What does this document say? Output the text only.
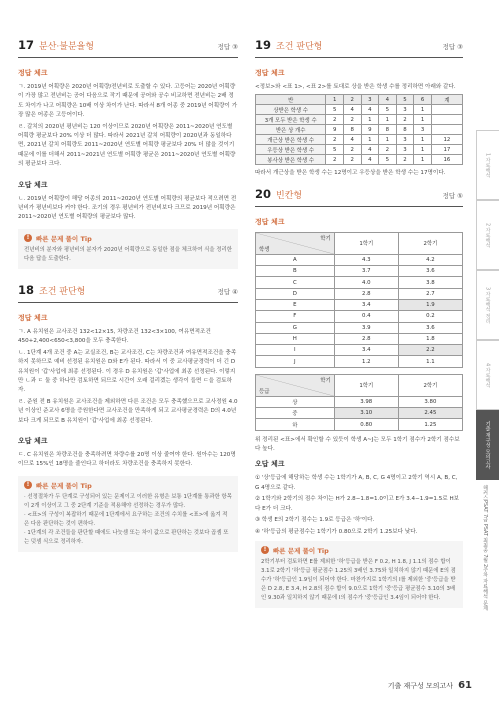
17 분산·불분율형	정답 ③
정답 체크

ㄱ. 2019년 어획량은 2020년 어획량/전년비로 도출할 수 있다. 고등어는 2020년 어획량이 가장 많고 전년비는 공어 다음으로 작기 때문에 공어와 공수 비교하면 전년비는 2배 정도 차이가 나고 어획량은 10배 이상 차이가 난다. 따라서 8개 어종 중 2019년 어획량이 가장 많은 어종은 고등어이다.

ㄹ. 갈치의 2020년 평년비는 120 이상이므로 2020년 어획량은 2011~2020년 연도별 어획량 평균보다 20% 이상 더 많다. 따라서 2021년 갈치 어획량이 2020년과 동일하다면, 2021년 갈치 어획량도 2011~2020년 연도별 어획량 평균보다 20% 더 많을 것이기 때문에 이를 더해서 2011~2021년 연도별 어획량 평균은 2011~2020년 연도별 어획량의 평균보다 크다.

오답 체크

ㄴ. 2019년 어획량이 해당 어종의 2011~2020년 연도별 어획량의 평균보다 적으려면 전년비가 평년비보다 커야 한다. 조기의 경우 평년비가 전년비보다 크므로 2019년 어획량은 2011~2020년 연도별 어획량의 평균보다 많다.

!	빠른 문제 풀이 Tip

전년비의 분자와 평년비의 분자가 2020년 어획량으로 동일한 점을 체크하여 식을 정리한 다음 답을 도출한다.

18 조건 판단형	정답 ④
정답 체크

ㄱ. A 유치원은 교사조건 132<12×15, 차량조건 132<3×100, 여유면적조건 450+2,400<650<3,800을 모두 충족한다.

ㄴ. 1단계 4개 조건 중 A는 교실조건, B는 교사조건, C는 차량조건과 여유면적조건을 충족하지 못하므로 예비 선정된 유치원은 D와 E가 된다. 따라서 이 중 교사평균경력이 더 긴 D 유치원이 '갑'사업에 최종 선정된다. 이 경우 D 유치원은 '갑'사업에 최종 선정된다. 이렇지만 ㄴ과 ㄷ 둘 중 하나만 검토하면 되므로 시간이 오래 걸리겠는 생각이 들면 ㄷ을 검토하자.

ㄹ. 준원 전 B 유치원은 교사조건을 제외하면 다른 조건은 모두 충족했으므로 교사정원 4.0년 이상인 준교사 6명을 증원한다면 교사조건을 만족하게 되고 교사평균경력은 D의 4.0년보다 크게 되므로 B 유치원이 '갑'사업에 최종 선정된다.

오답 체크

ㄷ. C 유치원은 차량조건을 충족하려면 차량수를 20명 이상 줄여야 한다. 원아수는 120명이므로 15%인 18명을 줄인다고 하더라도 차량조건을 충족하지 못한다.

!	빠른 문제 풀이 Tip

· 선정절차가 두 단계로 구성되어 있는 문제이고 이러한 유형은 보통 1단계를 통과한 항목이 2개 이상이고 그 중 2단계 기준을 적용해야 선정하는 경우가 많다.
· <표>의 구성이 복잡하기 때문에 1단계에서 요구하는 조건의 수치를 <표>에 옮겨 적은 다음 판단하는 것이 편하다.
· 1단계의 각 조건들을 판단할 때에도 나눗셈 또는 차이 값으로 판단하는 것보다 곱셈 또는 덧셈 식으로 정리하자.

19 조건 판단형	정답 ③
정답 체크

<정보>와 <표 1>, <표 2>를 토대로 상을 받은 학생 수를 정리하면 아래와 같다.

반	1	2	3	4	5	6	계
상받은 학생 수	5	4	4	5	3	1	
3개 모두 받은 학생 수	2	2	1	1	2	1	
받은 상 개수	9	8	9	8	8	3	
개근상 받은 학생 수	2	4	1	1	3	1	12
우등상 받은 학생 수	5	2	4	2	3	1	17
봉사상 받은 학생 수	2	2	4	5	2	1	16

따라서 개근상을 받은 학생 수는 12명이고 우등상을 받은 학생 수는 17명이다.

20 빈칸형	정답 ⑤
정답 체크
학기
학생	1학기	2학기
A	4.3	4.2
B	3.7	3.6
C	4.0	3.8
D	2.8	2.7
E	3.4	1.9
F	0.4	0.2
G	3.9	3.6
H	2.8	1.8
I	3.4	2.2
J	1.2	1.1
학기
등급	1학기	2학기
상	3.98	3.80
중	3.10	2.45
하	0.80	1.25

위 정리된 <표>에서 확인할 수 있듯이 학생 A~J는 모두 1학기 점수가 2학기 점수보다 높다.

오답 체크

① '상'등급에 해당하는 학생 수는 1학기가 A, B, C, G 4명이고 2학기 역시 A, B, C, G 4명으로 같다.

② 1학기와 2학기의 점수 차이는 H가 2.8−1.8=1.0이고 E가 3.4−1.9=1.5로 H보다 E가 더 크다.

③ 학생 E의 2학기 점수는 1.9로 등급은 '하'이다.

④ '하'등급의 평균점수는 1학기가 0.80으로 2학기 1.25보다 낮다.

!	빠른 문제 풀이 Tip

2학기부터 검토하면 E를 제외한 '하'등급을 받은 F 0.2, H 1.8, J 1.1의 점수 합이 3.1로 2학기 '하'등급 평균점수 1.25의 3배인 3.75와 일치하지 않기 때문에 E의 점수가 '하'등급인 1.9임이 되어야 한다. 마찬가지로 1학기의 I를 제외한 '중'등급을 받은 D 2.8, E 3.4, H 2.8의 점수 합이 9.0으로 1학기 '중'등급 평균점수 3.10의 3배인 9.30과 일치하지 않기 때문에 I의 점수가 '중'등급인 3.4임이 되어야 한다.

1 자료해석
2 자료해석
3 자료해석 정리
4 자료해석
기출 재구성 모의고사
해커스PSAT 7급 PSAT 최최종 7월 2주차 자료해석 문제
기출 재구성 모의고사 61
